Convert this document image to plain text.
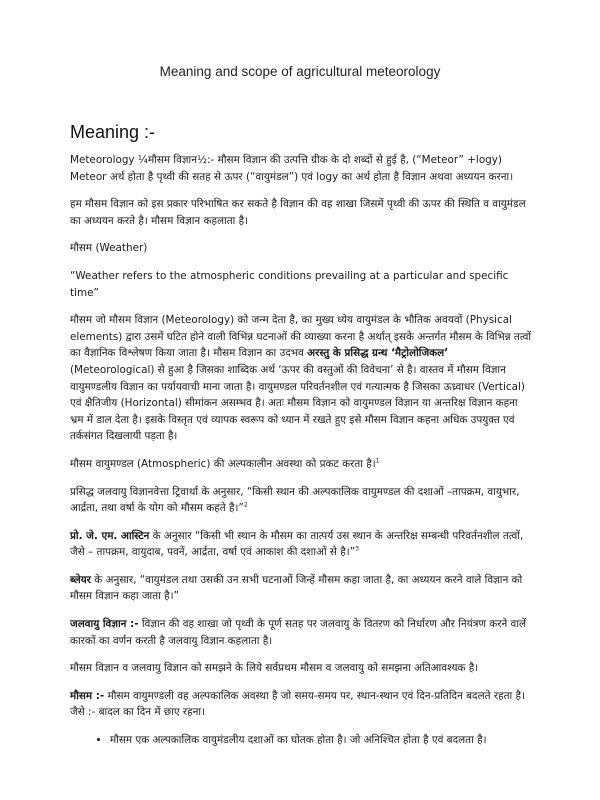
Meaning and scope of agricultural meteorology
Meaning :-

Meteorology ¼मौसम विज्ञान½:- मौसम विज्ञान की उत्पत्ति ग्रीक के दो शब्दों से हुई है, (“Meteor” +logy) Meteor अर्थ होता है पृथ्वी की सतह से ऊपर (“वायुमंडल”) एवं logy का अर्थ होता है विज्ञान अथवा अध्ययन करना।

हम मौसम विज्ञान को इस प्रकार परिभाषित कर सकते है विज्ञान की वह शाखा जिसमें पृथ्वी की ऊपर की स्थिति व वायुमंडल का अध्ययन करते है। मौसम विज्ञान कहलाता है।

मौसम (Weather)

“Weather refers to the atmospheric conditions prevailing at a particular and specific time”

मौसम जो मौसम विज्ञान (Meteorology) को जन्म देता है, का मुख्य ध्येय वायुमंडल के भौतिक अवयवों (Physical elements) द्वारा उसमें घटित होने वाली विभिन्न घटनाओं की व्याख्या करना है अर्थात् इसके अन्तर्गत मौसम के विभिन्न तत्वों का वैज्ञानिक विश्लेषण किया जाता है। मौसम विज्ञान का उदभव अरस्तु के प्रसिद्ध ग्रन्थ ‘मैट्रोलोजिकल’ (Meteorological) से हुआ है जिसका शाब्दिक अर्थ ‘ऊपर की वस्तुओं की विवेचना’ से है। वास्तव में मौसम विज्ञान वायुमण्डलीय विज्ञान का पर्यायवाची माना जाता है। वायुमण्डल परिवर्तनशील एवं गत्यात्मक है जिसका ऊध्र्वाधर (Vertical) एवं क्षैतिजीय (Horizontal) सीमांकन असम्भव है। अतः मौसम विज्ञान को वायुमण्डल विज्ञान या अन्तरिक्ष विज्ञान कहना भ्रम में डाल देता है। इसके विस्तृत एवं व्यापक स्वरूप को ध्यान में रखते हुए इसे मौसम विज्ञान कहना अधिक उपयुक्त एवं तर्कसंगत दिखलायी पड़ता है।

मौसम वायुमण्डल (Atmospheric) की अल्पकालीन अवस्था को प्रकट करता है।$^1$

प्रसिद्ध जलवायु विज्ञानवेत्ता ट्रिवार्था के अनुसार, “किसी स्थान की अल्पकालिक वायुमण्डल की दशाओं –तापक्रम, वायुभार, आर्द्रता, तथा वर्षा के योग को मौसम कहते है।”$^2$

प्रो. जे. एम. आस्टिन के अनुसार “किसी भी स्थान के मौसम का तात्पर्य उस स्थान के अन्तरिक्ष सम्बन्धी परिवर्तनशील तत्वों, जैसे – तापक्रम, वायुदाब, पवनें, आर्द्रता, वर्षा एवं आकाश की दशाओं से है।”$^3$

ब्लेयर के अनुसार, “वायुमंडल तथा उसकी उन सभी घटनाओं जिन्हें मौसम कहा जाता है, का अध्ययन करने वाले विज्ञान को मौसम विज्ञान कहा जाता है।”

जलवायु विज्ञान :- विज्ञान की वह शाखा जो पृथ्वी के पूर्ण सतह पर जलवायु के वितरण को निर्धारण और नियंत्रण करने वालें कारकों का वर्णन करती है जलवायु विज्ञान कहलाता है।

मौसम विज्ञान व जलवायु विज्ञान को समझने के लिये सर्वप्रथम मौसम व जलवायु को समझना अतिआवश्यक है।

मौसम :- मौसम वायुमण्डली वह अल्पकालिक अवस्था है जो समय-समय पर, स्थान-स्थान एवं दिन-प्रतिदिन बदलते रहता है। जैसे :- बादल का दिन में छाए रहना।

• मौसम एक अल्पकालिक वायुमंडलीय दशाओं का घोतक होता है। जो अनिश्चित होता है एवं बदलता है।
